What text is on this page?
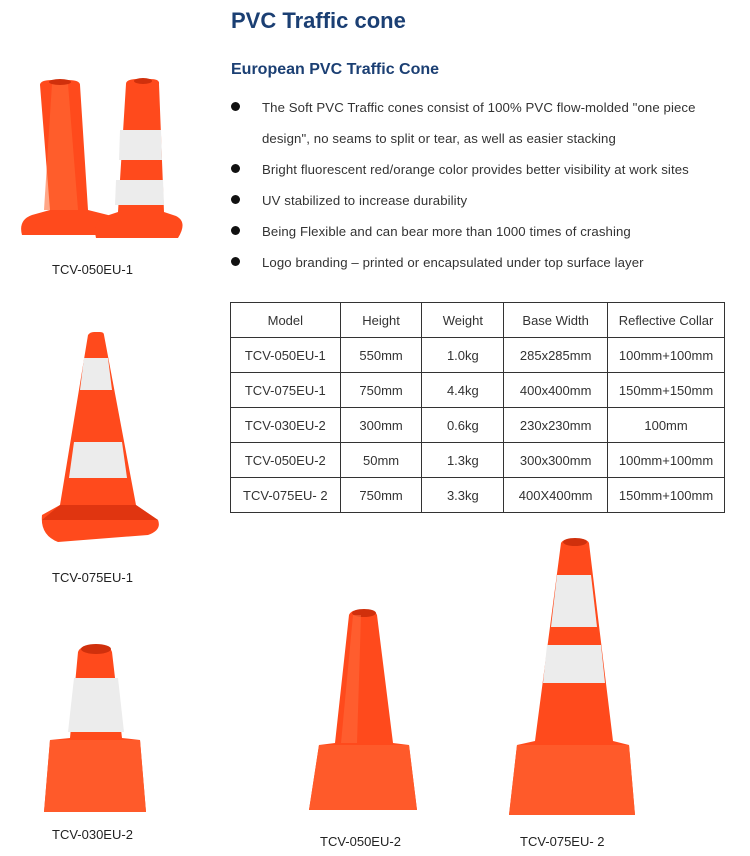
PVC Traffic cone
European PVC Traffic Cone
The Soft PVC Traffic cones consist of 100% PVC flow-molded "one piece design", no seams to split or tear, as well as easier stacking
Bright fluorescent red/orange color provides better visibility at work sites
UV stabilized to increase durability
Being Flexible and can bear more than 1000 times of crashing
Logo branding – printed or encapsulated under top surface layer
Model	Height	Weight	Base Width	Reflective Collar
TCV-050EU-1	550mm	1.0kg	285x285mm	100mm+100mm
TCV-075EU-1	750mm	4.4kg	400x400mm	150mm+150mm
TCV-030EU-2	300mm	0.6kg	230x230mm	100mm
TCV-050EU-2	50mm	1.3kg	300x300mm	100mm+100mm
TCV-075EU- 2	750mm	3.3kg	400X400mm	150mm+100mm
TCV-050EU-1
TCV-075EU-1
TCV-030EU-2	TCV-050EU-2	TCV-075EU- 2
